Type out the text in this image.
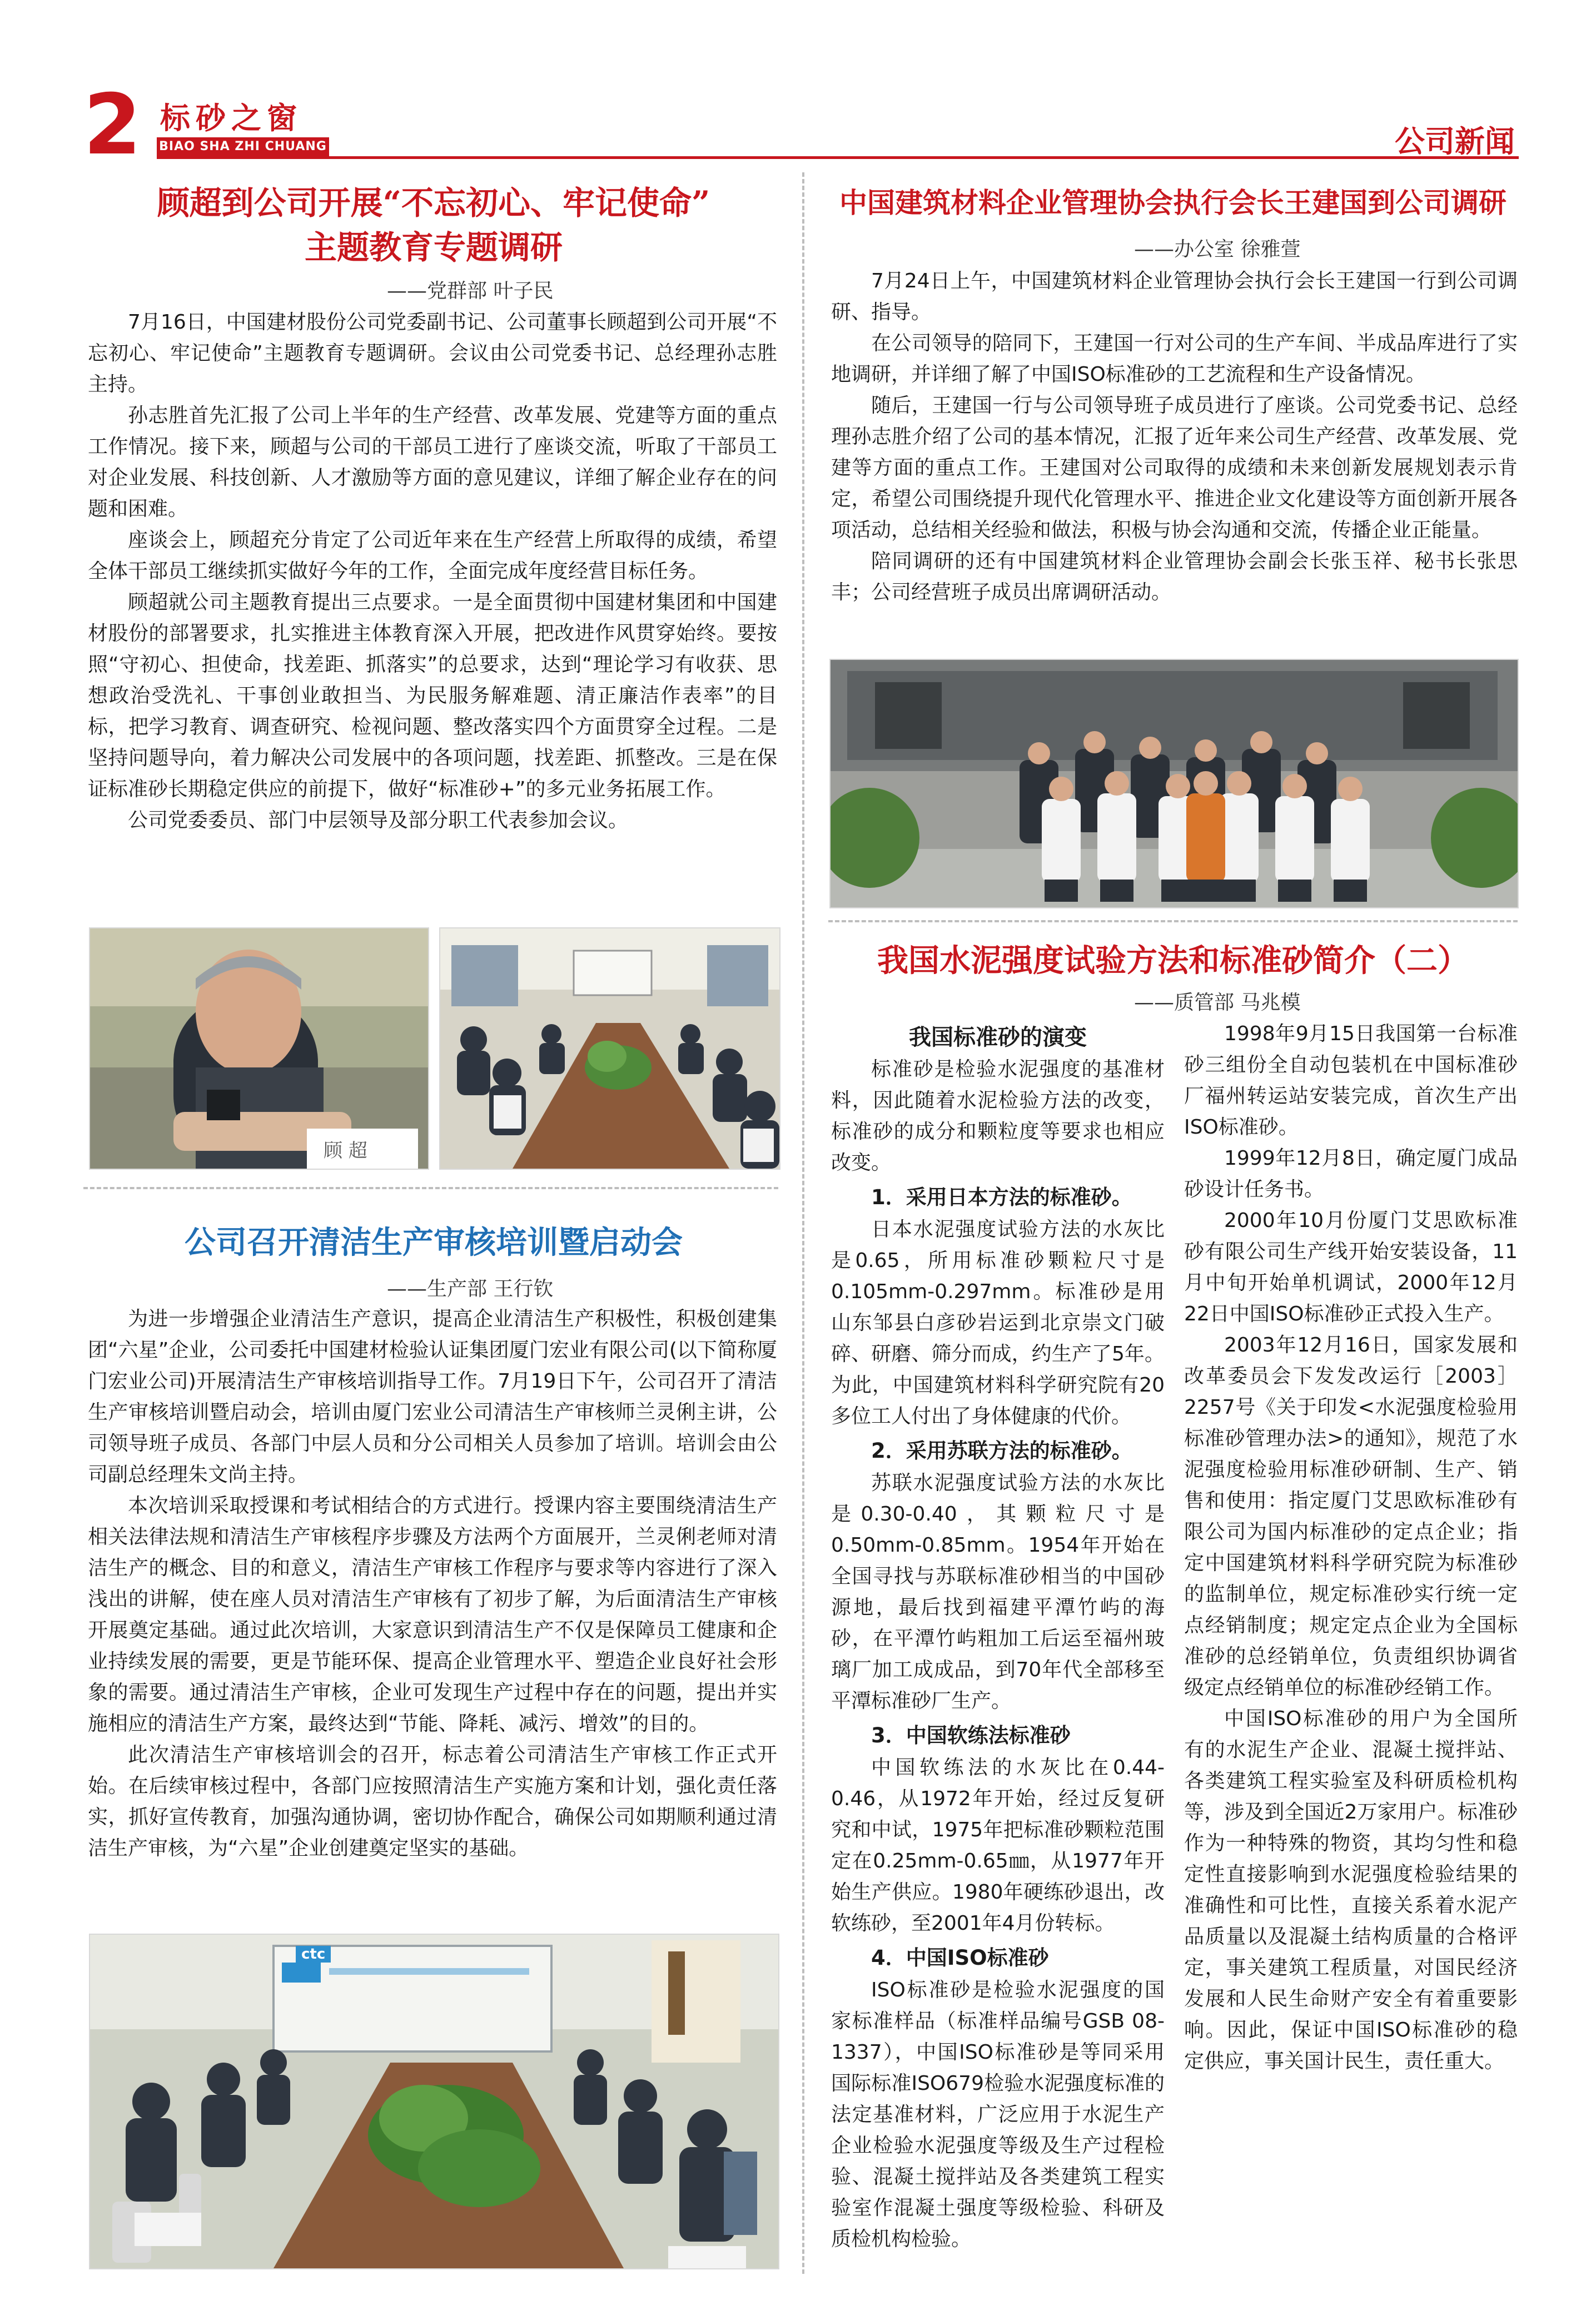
2 标砂之窗
BIAO SHA ZHI CHUANG	公司新闻
顾超到公司开展“不忘初心、牢记使命”
主题教育专题调研
——党群部 叶子民

7月16日，中国建材股份公司党委副书记、公司董事长顾超到公司开展“不忘初心、牢记使命”主题教育专题调研。会议由公司党委书记、总经理孙志胜主持。

孙志胜首先汇报了公司上半年的生产经营、改革发展、党建等方面的重点工作情况。接下来，顾超与公司的干部员工进行了座谈交流，听取了干部员工对企业发展、科技创新、人才激励等方面的意见建议，详细了解企业存在的问题和困难。

座谈会上，顾超充分肯定了公司近年来在生产经营上所取得的成绩，希望全体干部员工继续抓实做好今年的工作，全面完成年度经营目标任务。

顾超就公司主题教育提出三点要求。一是全面贯彻中国建材集团和中国建材股份的部署要求，扎实推进主体教育深入开展，把改进作风贯穿始终。要按照“守初心、担使命，找差距、抓落实”的总要求，达到“理论学习有收获、思想政治受洗礼、干事创业敢担当、为民服务解难题、清正廉洁作表率”的目标，把学习教育、调查研究、检视问题、整改落实四个方面贯穿全过程。二是坚持问题导向，着力解决公司发展中的各项问题，找差距、抓整改。三是在保证标准砂长期稳定供应的前提下，做好“标准砂+”的多元业务拓展工作。

公司党委委员、部门中层领导及部分职工代表参加会议。

顾 超
公司召开清洁生产审核培训暨启动会
——生产部 王行钦

为进一步增强企业清洁生产意识，提高企业清洁生产积极性，积极创建集团“六星”企业，公司委托中国建材检验认证集团厦门宏业有限公司(以下简称厦门宏业公司)开展清洁生产审核培训指导工作。7月19日下午，公司召开了清洁生产审核培训暨启动会，培训由厦门宏业公司清洁生产审核师兰灵俐主讲，公司领导班子成员、各部门中层人员和分公司相关人员参加了培训。培训会由公司副总经理朱文尚主持。

本次培训采取授课和考试相结合的方式进行。授课内容主要围绕清洁生产相关法律法规和清洁生产审核程序步骤及方法两个方面展开，兰灵俐老师对清洁生产的概念、目的和意义，清洁生产审核工作程序与要求等内容进行了深入浅出的讲解，使在座人员对清洁生产审核有了初步了解，为后面清洁生产审核开展奠定基础。通过此次培训，大家意识到清洁生产不仅是保障员工健康和企业持续发展的需要，更是节能环保、提高企业管理水平、塑造企业良好社会形象的需要。通过清洁生产审核，企业可发现生产过程中存在的问题，提出并实施相应的清洁生产方案，最终达到“节能、降耗、减污、增效”的目的。

此次清洁生产审核培训会的召开，标志着公司清洁生产审核工作正式开始。在后续审核过程中，各部门应按照清洁生产实施方案和计划，强化责任落实，抓好宣传教育，加强沟通协调，密切协作配合，确保公司如期顺利通过清洁生产审核，为“六星”企业创建奠定坚实的基础。

ctc
中国建筑材料企业管理协会执行会长王建国到公司调研
——办公室 徐雅萱

7月24日上午，中国建筑材料企业管理协会执行会长王建国一行到公司调研、指导。

在公司领导的陪同下，王建国一行对公司的生产车间、半成品库进行了实地调研，并详细了解了中国ISO标准砂的工艺流程和生产设备情况。

随后，王建国一行与公司领导班子成员进行了座谈。公司党委书记、总经理孙志胜介绍了公司的基本情况，汇报了近年来公司生产经营、改革发展、党建等方面的重点工作。王建国对公司取得的成绩和未来创新发展规划表示肯定，希望公司围绕提升现代化管理水平、推进企业文化建设等方面创新开展各项活动，总结相关经验和做法，积极与协会沟通和交流，传播企业正能量。

陪同调研的还有中国建筑材料企业管理协会副会长张玉祥、秘书长张思丰；公司经营班子成员出席调研活动。

我国水泥强度试验方法和标准砂简介（二）
——质管部 马兆模
我国标准砂的演变

标准砂是检验水泥强度的基准材料，因此随着水泥检验方法的改变，标准砂的成分和颗粒度等要求也相应改变。

1．采用日本方法的标准砂。

日本水泥强度试验方法的水灰比是0.65，所用标准砂颗粒尺寸是0.105mm-0.297mm。标准砂是用山东邹县白彦砂岩运到北京崇文门破碎、研磨、筛分而成，约生产了5年。为此，中国建筑材料科学研究院有20多位工人付出了身体健康的代价。

2．采用苏联方法的标准砂。

苏联水泥强度试验方法的水灰比是0.30-0.40，其颗粒尺寸是0.50mm-0.85mm。1954年开始在全国寻找与苏联标准砂相当的中国砂源地，最后找到福建平潭竹屿的海砂，在平潭竹屿粗加工后运至福州玻璃厂加工成成品，到70年代全部移至平潭标准砂厂生产。

3．中国软练法标准砂

中国软练法的水灰比在0.44-0.46，从1972年开始，经过反复研究和中试，1975年把标准砂颗粒范围定在0.25mm-0.65㎜，从1977年开始生产供应。1980年硬练砂退出，改软练砂，至2001年4月份转标。

4．中国ISO标准砂

ISO标准砂是检验水泥强度的国家标准样品（标准样品编号GSB 08-1337），中国ISO标准砂是等同采用国际标准ISO679检验水泥强度标准的法定基准材料，广泛应用于水泥生产企业检验水泥强度等级及生产过程检验、混凝土搅拌站及各类建筑工程实验室作混凝土强度等级检验、科研及质检机构检验。

1998年9月15日我国第一台标准砂三组份全自动包装机在中国标准砂厂福州转运站安装完成，首次生产出ISO标准砂。

1999年12月8日，确定厦门成品砂设计任务书。

2000年10月份厦门艾思欧标准砂有限公司生产线开始安装设备，11月中旬开始单机调试，2000年12月22日中国ISO标准砂正式投入生产。

2003年12月16日，国家发展和改革委员会下发发改运行［2003］2257号《关于印发<水泥强度检验用标准砂管理办法>的通知》，规范了水泥强度检验用标准砂研制、生产、销售和使用：指定厦门艾思欧标准砂有限公司为国内标准砂的定点企业；指定中国建筑材料科学研究院为标准砂的监制单位，规定标准砂实行统一定点经销制度；规定定点企业为全国标准砂的总经销单位，负责组织协调省级定点经销单位的标准砂经销工作。

中国ISO标准砂的用户为全国所有的水泥生产企业、混凝土搅拌站、各类建筑工程实验室及科研质检机构等，涉及到全国近2万家用户。标准砂作为一种特殊的物资，其均匀性和稳定性直接影响到水泥强度检验结果的准确性和可比性，直接关系着水泥产品质量以及混凝土结构质量的合格评定，事关建筑工程质量，对国民经济发展和人民生命财产安全有着重要影响。因此，保证中国ISO标准砂的稳定供应，事关国计民生，责任重大。
